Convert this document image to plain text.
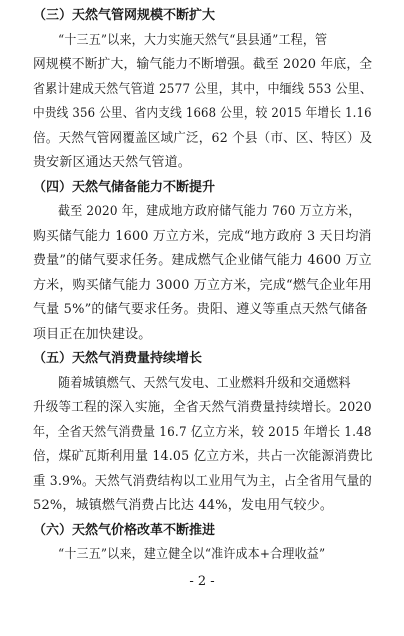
（三）天然气管网规模不断扩大
“十三五”以来，大力实施天然气“县县通”工程，管
网规模不断扩大，输气能力不断增强。截至 2020 年底，全
省累计建成天然气管道 2577 公里，其中，中缅线 553 公里、
中贵线 356 公里、省内支线 1668 公里，较 2015 年增长 1.16
倍。天然气管网覆盖区域广泛，62 个县（市、区、特区）及
贵安新区通达天然气管道。
（四）天然气储备能力不断提升
截至 2020 年，建成地方政府储气能力 760 万立方米，
购买储气能力 1600 万立方米，完成“地方政府 3 天日均消
费量”的储气要求任务。建成燃气企业储气能力 4600 万立
方米，购买储气能力 3000 万立方米，完成“燃气企业年用
气量 5%”的储气要求任务。贵阳、遵义等重点天然气储备
项目正在加快建设。
（五）天然气消费量持续增长
随着城镇燃气、天然气发电、工业燃料升级和交通燃料
升级等工程的深入实施，全省天然气消费量持续增长。2020
年，全省天然气消费量 16.7 亿立方米，较 2015 年增长 1.48
倍，煤矿瓦斯利用量 14.05 亿立方米，共占一次能源消费比
重 3.9%。天然气消费结构以工业用气为主，占全省用气量的
52%，城镇燃气消费占比达 44%，发电用气较少。
（六）天然气价格改革不断推进
“十三五”以来，建立健全以“准许成本+合理收益”
- 2 -
